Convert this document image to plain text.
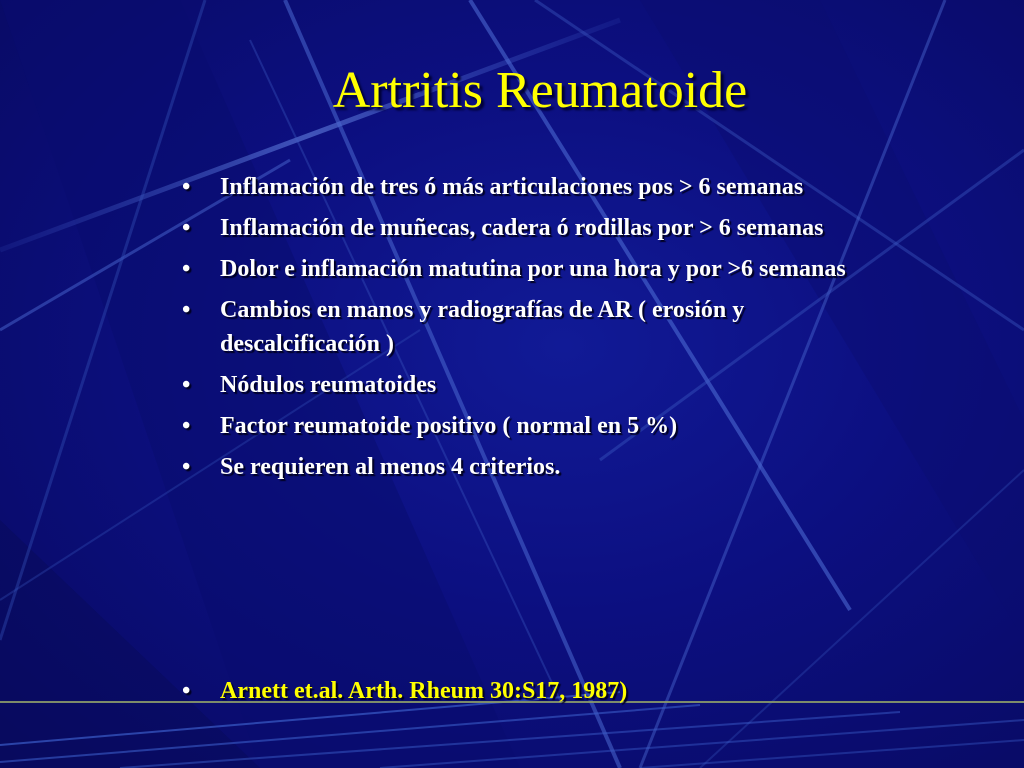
Artritis Reumatoide
• Inflamación de tres ó más articulaciones pos > 6 semanas
• Inflamación de muñecas, cadera ó rodillas por > 6 semanas
• Dolor e inflamación matutina por una hora y por >6 semanas
• Cambios en manos y radiografías de AR ( erosión y descalcificación )
• Nódulos reumatoides
• Factor reumatoide positivo ( normal en 5 %)
• Se requieren al menos 4 criterios.
• Arnett et.al. Arth. Rheum 30:S17, 1987)
